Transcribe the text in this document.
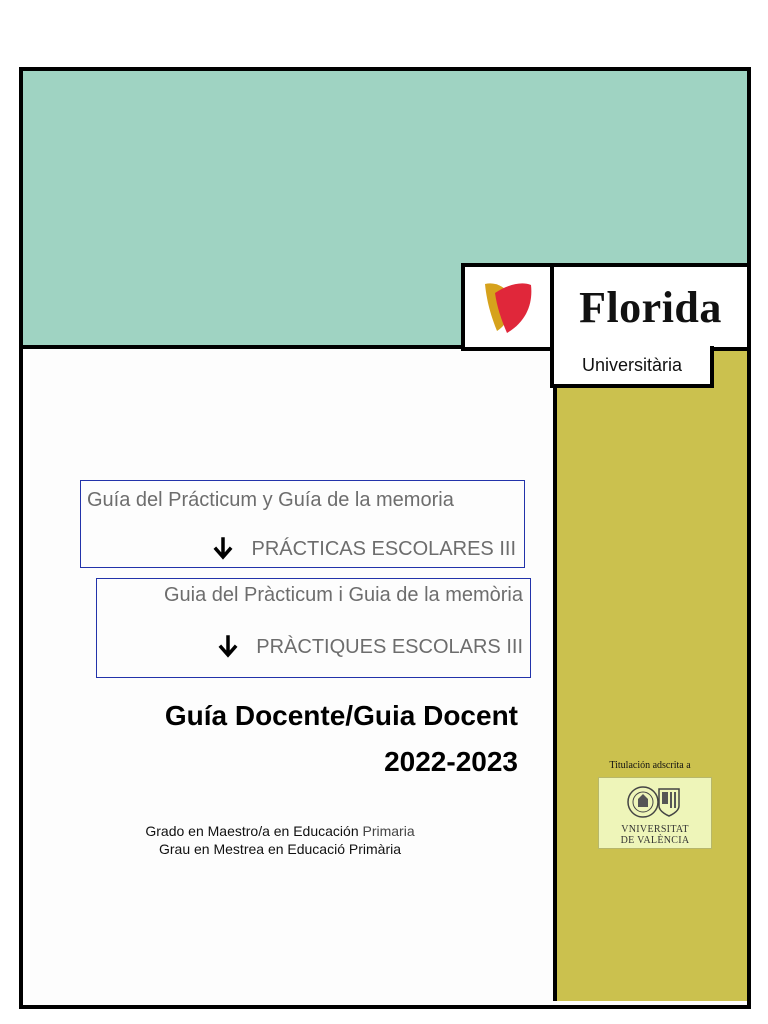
Florida
Universitària
Guía del Prácticum y Guía de la memoria
PRÁCTICAS ESCOLARES III
Guia del Pràcticum i Guia de la memòria
PRÀCTIQUES ESCOLARS III
Guía Docente/Guia Docent
2022-2023
Grado en Maestro/a en Educación Primaria
Grau en Mestrea en Educació Primària
Titulación adscrita a
VNIVERSITAT
DE VALÈNCIA
